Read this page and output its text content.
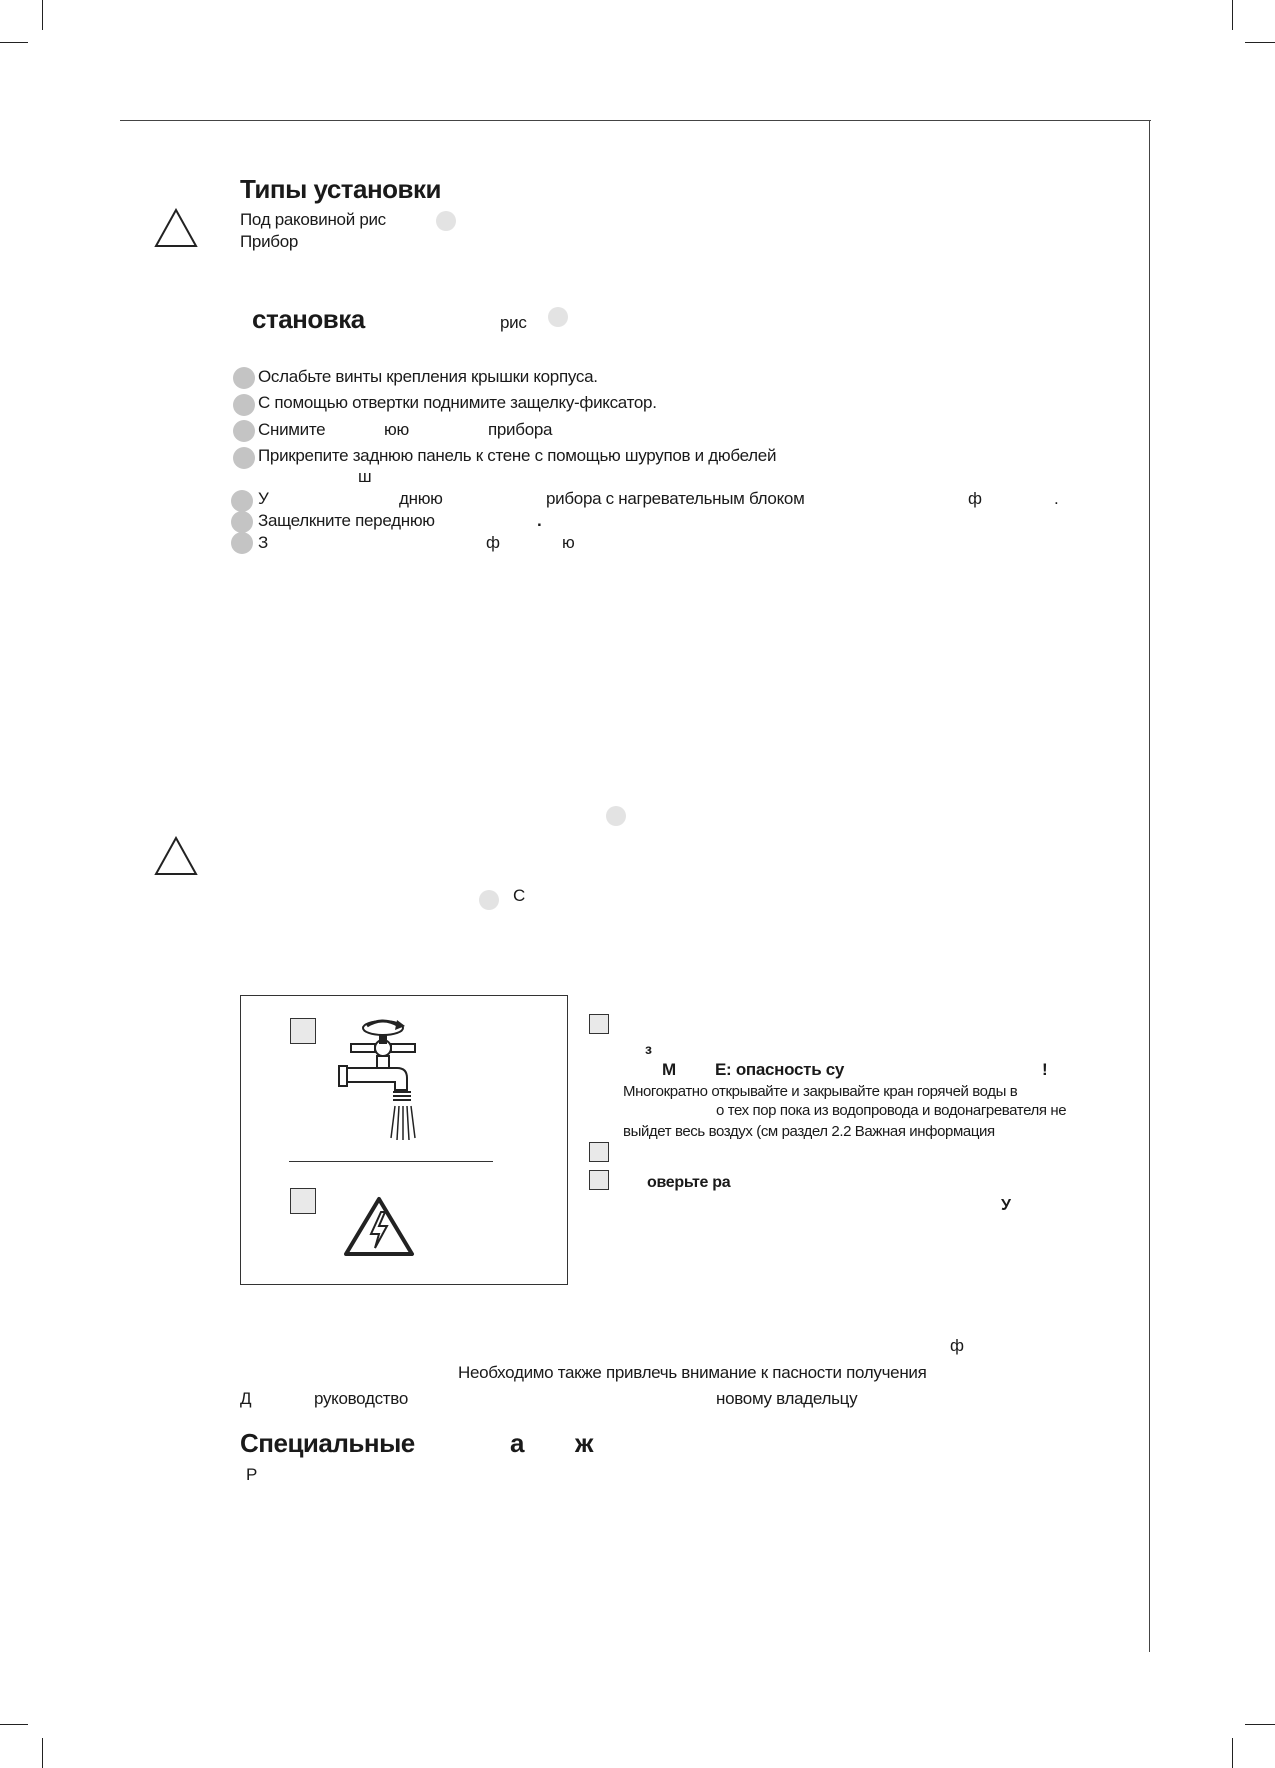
Типы установки
Под раковиной рис
Прибор
становка	рис
Ослабьте винты крепления крышки корпуса.
С помощью отвертки поднимите защелку-фиксатор.
Снимите	юю	прибора
Прикрепите заднюю панель к стене с помощью шурупов и дюбелей
ш
У	днюю	рибора с нагревательным блоком	ф	.
Защелкните переднюю	.
З	ф	ю
С
з
М Е: опасность су	!
Многократно открывайте и закрывайте кран горячей воды в
о тех пор пока из водопровода и водонагревателя не
выйдет весь воздух (см раздел 2.2 Важная информация
оверьте ра
У
ф
Необходимо также привлечь внимание к пасности получения
Д	руководство	новому владельцу
Специальные	а ж
Р
